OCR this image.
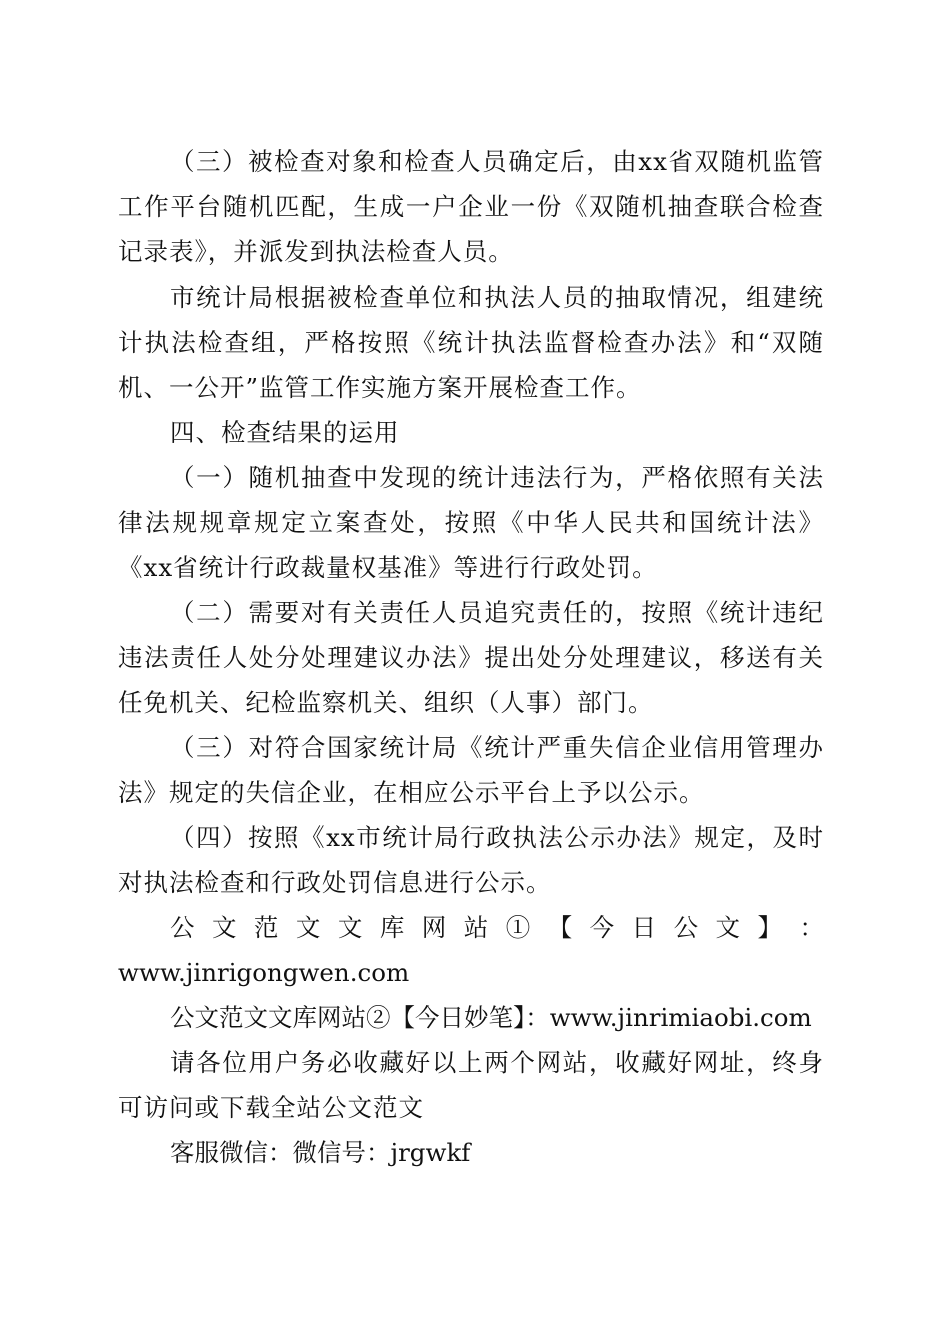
（三）被检查对象和检查人员确定后，由xx省双随机监管
工作平台随机匹配，生成一户企业一份《双随机抽查联合检查
记录表》，并派发到执法检查人员。
市统计局根据被检查单位和执法人员的抽取情况，组建统
计执法检查组，严格按照《统计执法监督检查办法》和“双随
机、一公开”监管工作实施方案开展检查工作。
四、检查结果的运用
（一）随机抽查中发现的统计违法行为，严格依照有关法
律法规规章规定立案查处，按照《中华人民共和国统计法》
《xx省统计行政裁量权基准》等进行行政处罚。
（二）需要对有关责任人员追究责任的，按照《统计违纪
违法责任人处分处理建议办法》提出处分处理建议，移送有关
任免机关、纪检监察机关、组织（人事）部门。
（三）对符合国家统计局《统计严重失信企业信用管理办
法》规定的失信企业，在相应公示平台上予以公示。
（四）按照《xx市统计局行政执法公示办法》规定，及时
对执法检查和行政处罚信息进行公示。
公 文 范 文 文 库 网 站 ① 【 今 日 公 文 】 ：
www.jinrigongwen.com
公文范文文库网站②【今日妙笔】：www.jinrimiaobi.com
请各位用户务必收藏好以上两个网站，收藏好网址，终身
可访问或下载全站公文范文
客服微信：微信号：jrgwkf
